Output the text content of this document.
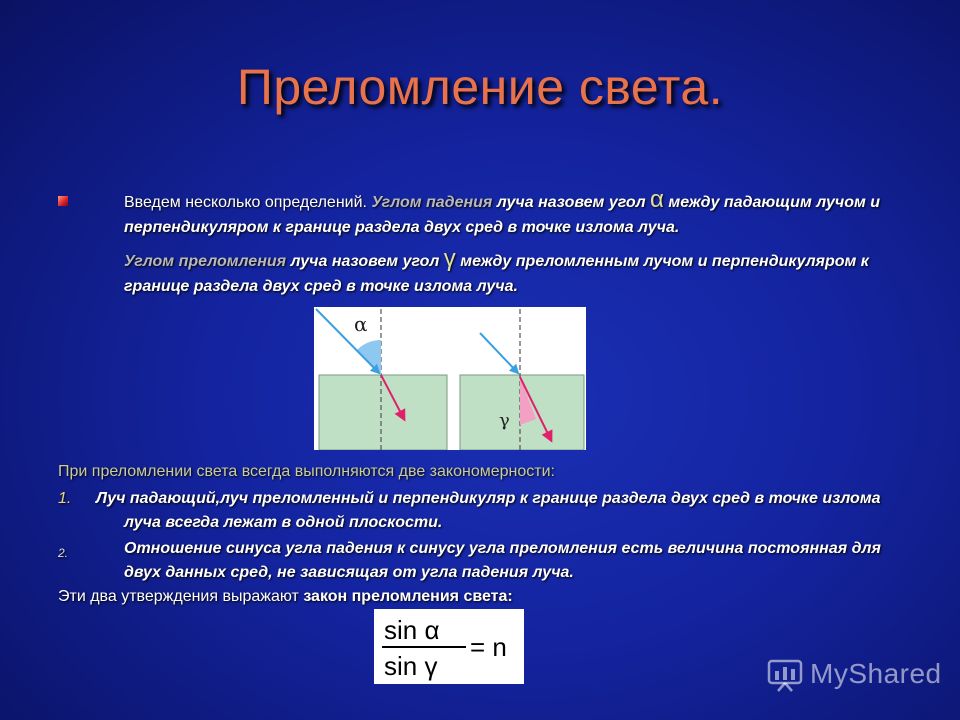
Преломление света.
Введем несколько определений. Углом падения луча назовем угол α между падающим лучом и перпендикуляром к границе раздела двух сред в точке излома луча.
Углом преломления луча назовем угол γ между преломленным лучом и перпендикуляром к границе раздела двух сред в точке излома луча.
α
γ
При преломлении света всегда выполняются две закономерности:
1. Луч падающий,луч преломленный и перпендикуляр к границе раздела двух сред в точке излома луча всегда лежат в одной плоскости.
2.	Отношение синуса угла падения к синусу угла преломления есть величина постоянная для двух данных сред, не зависящая от угла падения луча.
Эти два утверждения выражают закон преломления света:
sin α
sin γ
= n
MyShared
